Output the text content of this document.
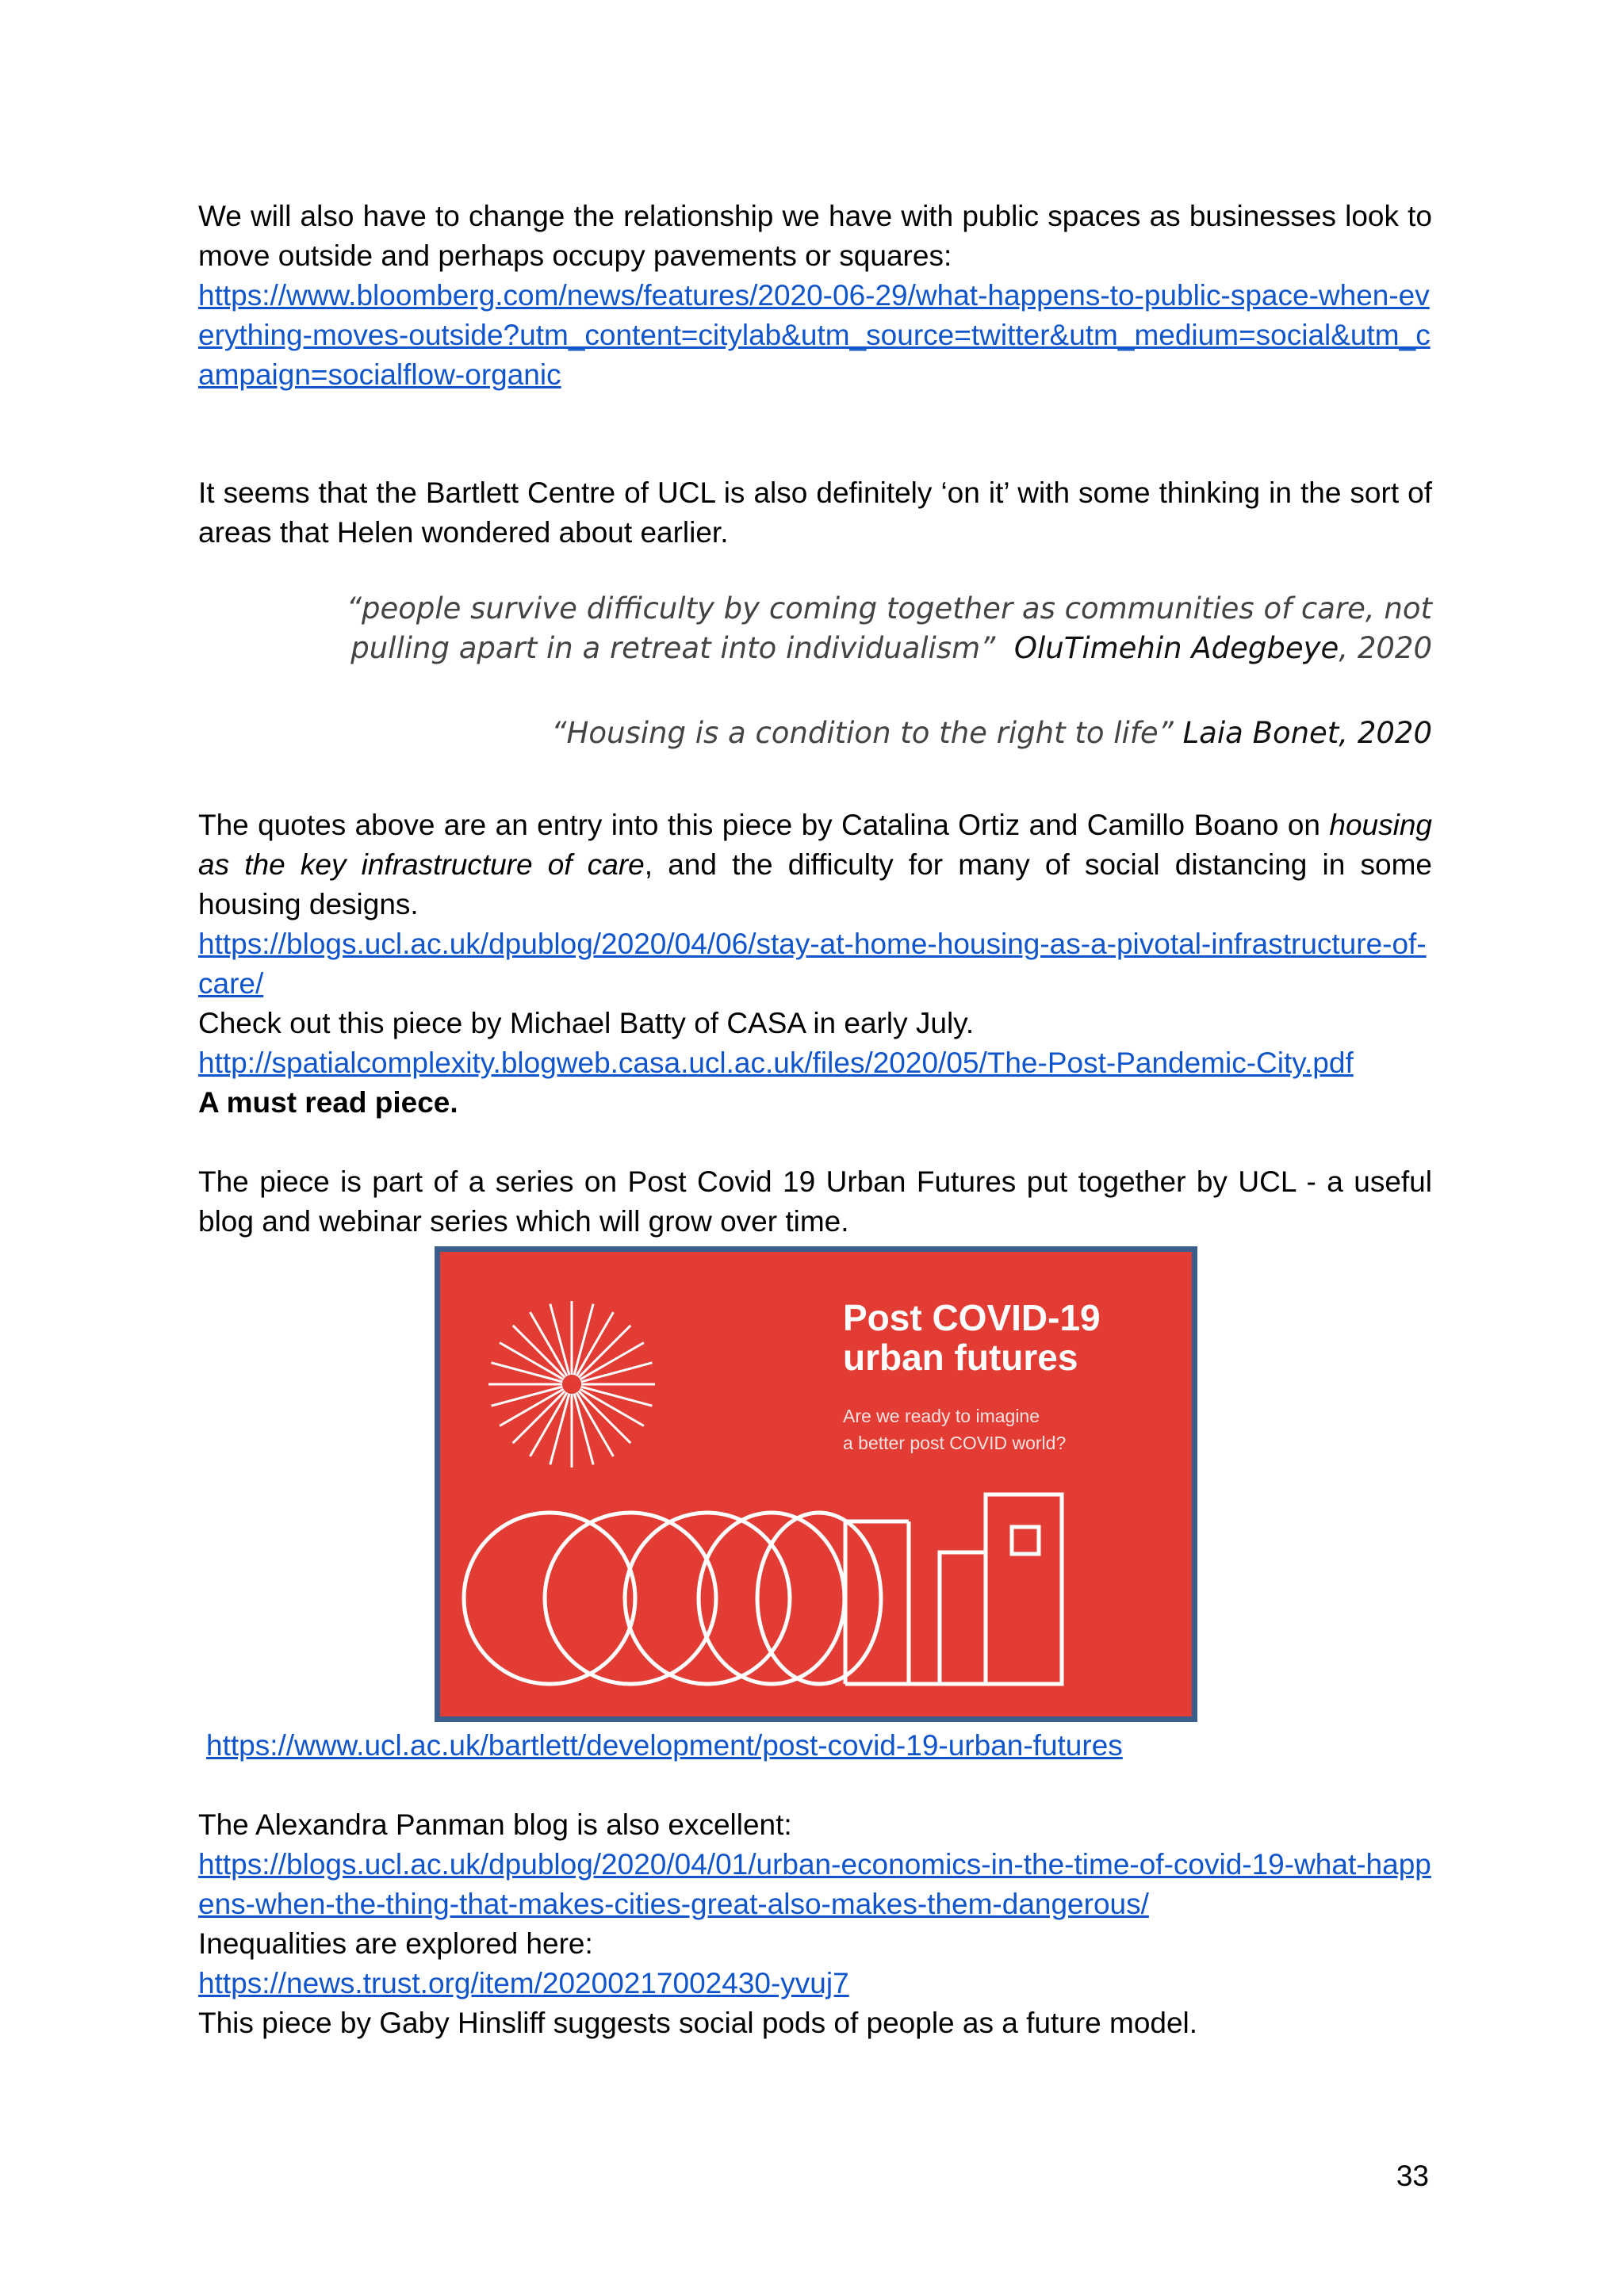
We will also have to change the relationship we have with public spaces as businesses look to move outside and perhaps occupy pavements or squares:
https://www.bloomberg.com/news/features/2020-06-29/what-happens-to-public-space-when-everything-moves-outside?utm_content=citylab&utm_source=twitter&utm_medium=social&utm_campaign=socialflow-organic
It seems that the Bartlett Centre of UCL is also definitely ‘on it’ with some thinking in the sort of areas that Helen wondered about earlier.
“people survive difficulty by coming together as communities of care, not pulling apart in a retreat into individualism” OluTimehin Adegbeye, 2020
“Housing is a condition to the right to life” Laia Bonet, 2020
The quotes above are an entry into this piece by Catalina Ortiz and Camillo Boano on housing as the key infrastructure of care, and the difficulty for many of social distancing in some housing designs.
https://blogs.ucl.ac.uk/dpublog/2020/04/06/stay-at-home-housing-as-a-pivotal-infrastructure-of-care/
Check out this piece by Michael Batty of CASA in early July.
http://spatialcomplexity.blogweb.casa.ucl.ac.uk/files/2020/05/The-Post-Pandemic-City.pdf
A must read piece.
The piece is part of a series on Post Covid 19 Urban Futures put together by UCL - a useful blog and webinar series which will grow over time.
Post COVID-19
urban futures
Are we ready to imagine
a better post COVID world?
https://www.ucl.ac.uk/bartlett/development/post-covid-19-urban-futures
The Alexandra Panman blog is also excellent:
https://blogs.ucl.ac.uk/dpublog/2020/04/01/urban-economics-in-the-time-of-covid-19-what-happens-when-the-thing-that-makes-cities-great-also-makes-them-dangerous/
Inequalities are explored here:
https://news.trust.org/item/20200217002430-yvuj7
This piece by Gaby Hinsliff suggests social pods of people as a future model.
33
